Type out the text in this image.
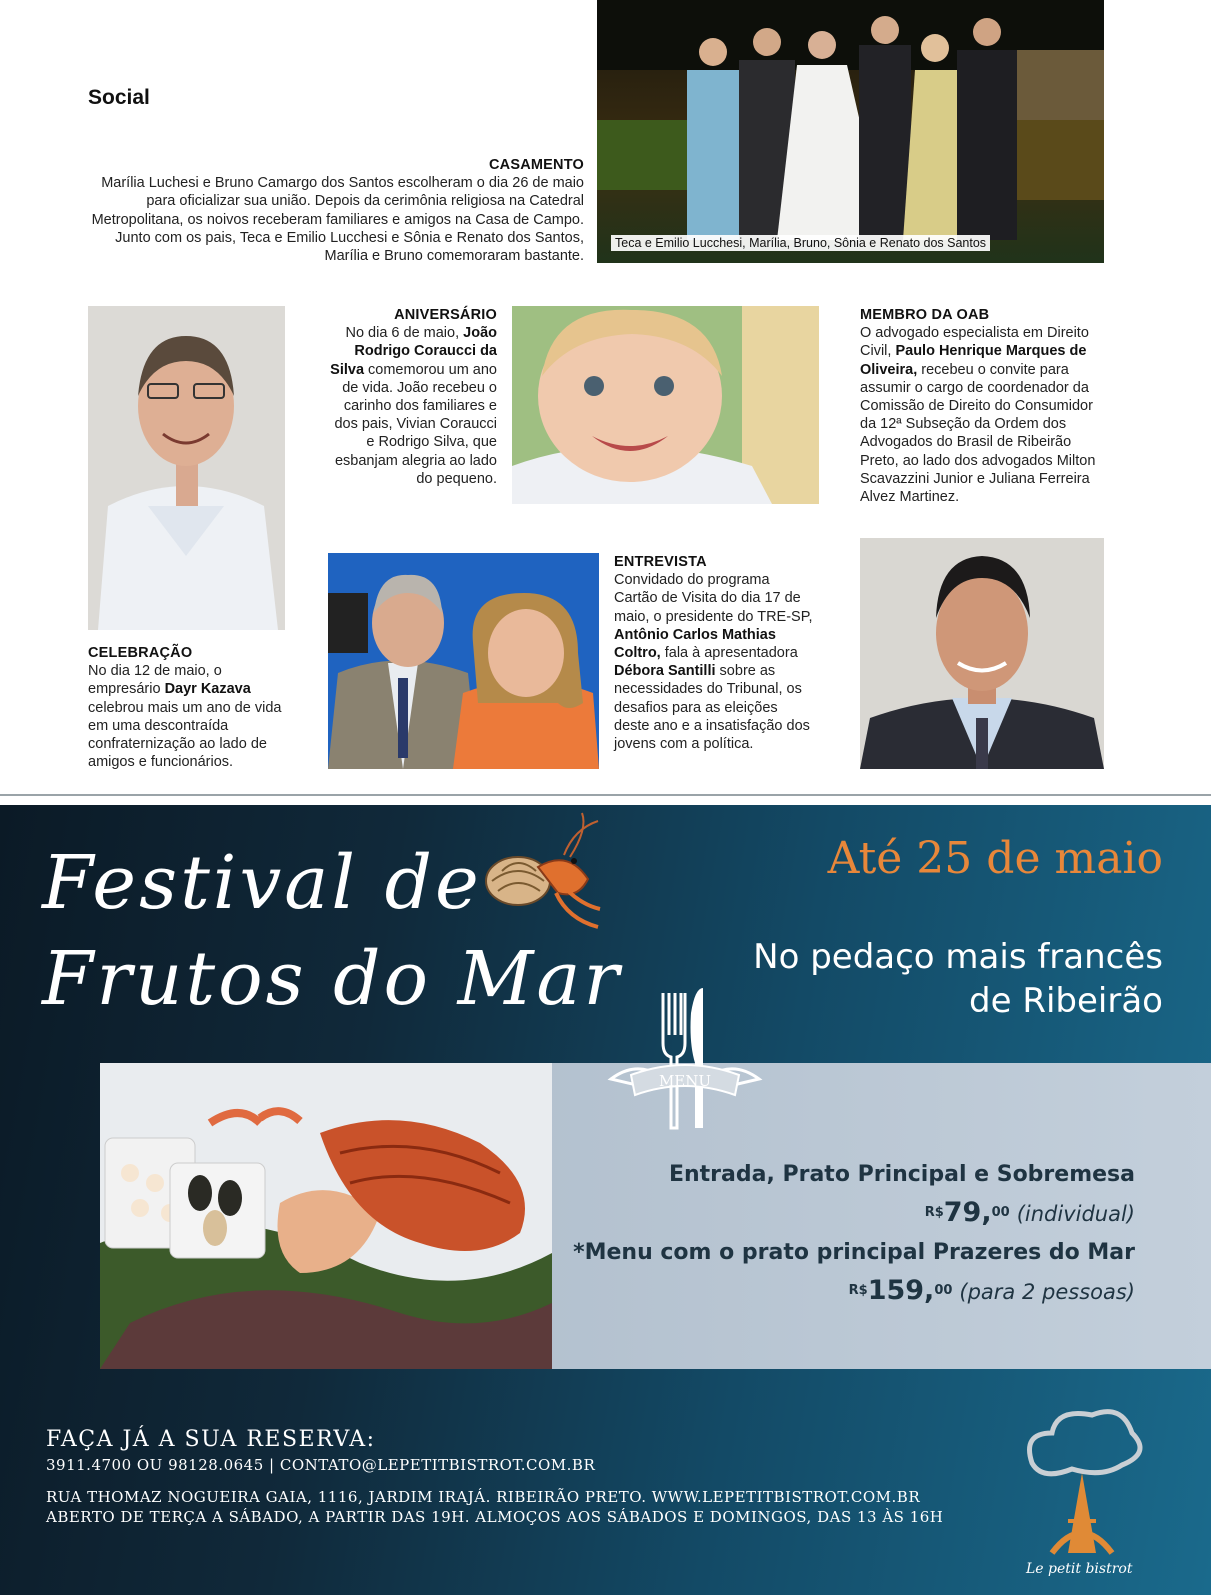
Social
CASAMENTO
Marília Luchesi e Bruno Camargo dos Santos escolheram o dia 26 de maio para oficializar sua união. Depois da cerimônia religiosa na Catedral Metropolitana, os noivos receberam familiares e amigos na Casa de Campo. Junto com os pais, Teca e Emilio Lucchesi e Sônia e Renato dos Santos, Marília e Bruno comemoraram bastante.
Teca e Emilio Lucchesi, Marília, Bruno, Sônia e Renato dos Santos
CELEBRAÇÃO
No dia 12 de maio, o empresário Dayr Kazava celebrou mais um ano de vida em uma descontraída confraternização ao lado de amigos e funcionários.
ANIVERSÁRIO
No dia 6 de maio, João Rodrigo Coraucci da Silva comemorou um ano de vida. João recebeu o carinho dos familiares e dos pais, Vivian Coraucci e Rodrigo Silva, que esbanjam alegria ao lado do pequeno.
ENTREVISTA
Convidado do programa Cartão de Visita do dia 17 de maio, o presidente do TRE-SP, Antônio Carlos Mathias Coltro, fala à apresentadora Débora Santilli sobre as necessidades do Tribunal, os desafios para as eleições deste ano e a insatisfação dos jovens com a política.
MEMBRO DA OAB
O advogado especialista em Direito Civil, Paulo Henrique Marques de Oliveira, recebeu o convite para assumir o cargo de coordenador da Comissão de Direito do Consumidor da 12ª Subseção da Ordem dos Advogados do Brasil de Ribeirão Preto, ao lado dos advogados Milton Scavazzini Junior e Juliana Ferreira Alvez Martinez.
Festival de
Frutos do Mar
Até 25 de maio
No pedaço mais francês
de Ribeirão
MENU
Entrada, Prato Principal e Sobremesa
$^{R\$}$79,00 (individual)
*Menu com o prato principal Prazeres do Mar
$^{R\$}$159,00 (para 2 pessoas)
FAÇA JÁ A SUA RESERVA:
3911.4700 OU 98128.0645 | CONTATO@LEPETITBISTROT.COM.BR
RUA THOMAZ NOGUEIRA GAIA, 1116, JARDIM IRAJÁ. RIBEIRÃO PRETO. WWW.LEPETITBISTROT.COM.BR
ABERTO DE TERÇA A SÁBADO, A PARTIR DAS 19H. ALMOÇOS AOS SÁBADOS E DOMINGOS, DAS 13 ÀS 16H
Le petit bistrot
